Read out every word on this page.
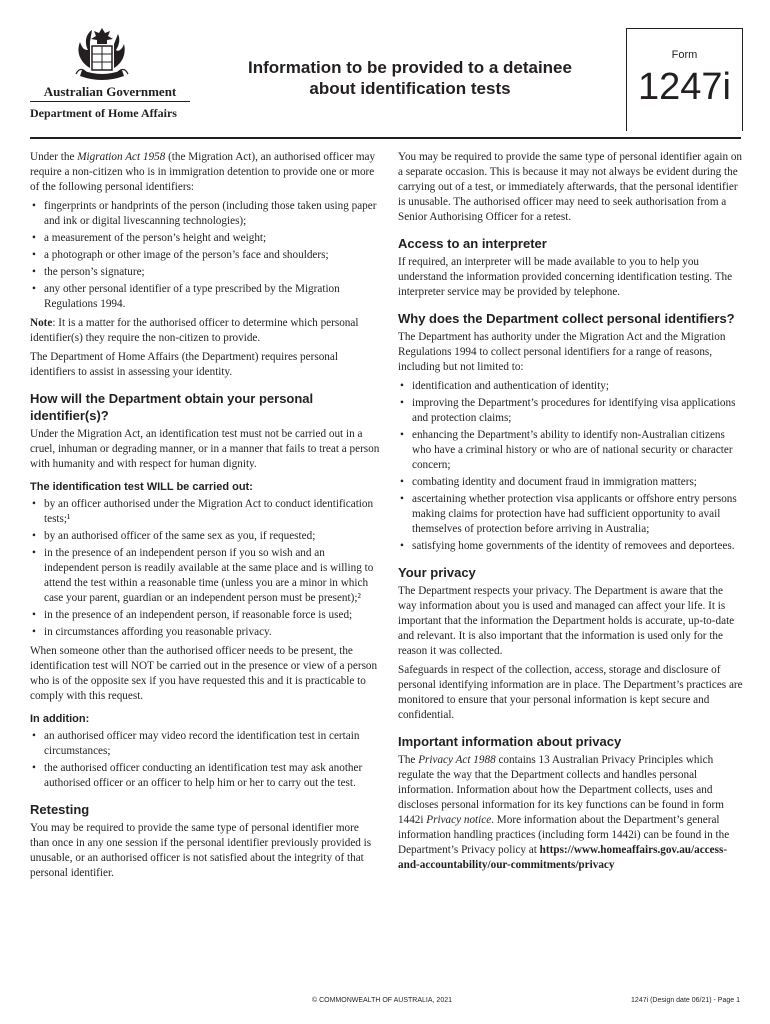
Australian Government
Department of Home Affairs
Information to be provided to a detainee
about identification tests
Form
1247i

Under the Migration Act 1958 (the Migration Act), an authorised officer may require a non-citizen who is in immigration detention to provide one or more of the following personal identifiers:

• fingerprints or handprints of the person (including those taken using paper and ink or digital livescanning technologies);
• a measurement of the person’s height and weight;
• a photograph or other image of the person’s face and shoulders;
• the person’s signature;
• any other personal identifier of a type prescribed by the Migration Regulations 1994.

Note: It is a matter for the authorised officer to determine which personal identifier(s) they require the non-citizen to provide.

The Department of Home Affairs (the Department) requires personal identifiers to assist in assessing your identity.

How will the Department obtain your personal identifier(s)?

Under the Migration Act, an identification test must not be carried out in a cruel, inhuman or degrading manner, or in a manner that fails to treat a person with humanity and with respect for human dignity.

The identification test WILL be carried out:
• by an officer authorised under the Migration Act to conduct identification tests;¹
• by an authorised officer of the same sex as you, if requested;
• in the presence of an independent person if you so wish and an independent person is readily available at the same place and is willing to attend the test within a reasonable time (unless you are a minor in which case your parent, guardian or an independent person must be present);²
• in the presence of an independent person, if reasonable force is used;
• in circumstances affording you reasonable privacy.

When someone other than the authorised officer needs to be present, the identification test will NOT be carried out in the presence or view of a person who is of the opposite sex if you have requested this and it is practicable to comply with this request.

In addition:
• an authorised officer may video record the identification test in certain circumstances;
• the authorised officer conducting an identification test may ask another authorised officer or an officer to help him or her to carry out the test.
Retesting

You may be required to provide the same type of personal identifier more than once in any one session if the personal identifier previously provided is unusable, or an authorised officer is not satisfied about the integrity of that personal identifier.

You may be required to provide the same type of personal identifier again on a separate occasion. This is because it may not always be evident during the carrying out of a test, or immediately afterwards, that the personal identifier is unusable. The authorised officer may need to seek authorisation from a Senior Authorising Officer for a retest.

Access to an interpreter

If required, an interpreter will be made available to you to help you understand the information provided concerning identification testing. The interpreter service may be provided by telephone.

Why does the Department collect personal identifiers?

The Department has authority under the Migration Act and the Migration Regulations 1994 to collect personal identifiers for a range of reasons, including but not limited to:

• identification and authentication of identity;
• improving the Department’s procedures for identifying visa applications and protection claims;
• enhancing the Department’s ability to identify non-Australian citizens who have a criminal history or who are of national security or character concern;
• combating identity and document fraud in immigration matters;
• ascertaining whether protection visa applicants or offshore entry persons making claims for protection have had sufficient opportunity to avail themselves of protection before arriving in Australia;
• satisfying home governments of the identity of removees and deportees.
Your privacy

The Department respects your privacy. The Department is aware that the way information about you is used and managed can affect your life. It is important that the information the Department holds is accurate, up-to-date and relevant. It is also important that the information is used only for the reason it was collected.

Safeguards in respect of the collection, access, storage and disclosure of personal identifying information are in place. The Department’s practices are monitored to ensure that your personal information is kept secure and confidential.

Important information about privacy

The Privacy Act 1988 contains 13 Australian Privacy Principles which regulate the way that the Department collects and handles personal information. Information about how the Department collects, uses and discloses personal information for its key functions can be found in form 1442i Privacy notice. More information about the Department’s general information handling practices (including form 1442i) can be found in the Department’s Privacy policy at https://www.homeaffairs.gov.au/access-and-accountability/our-commitments/privacy

© COMMONWEALTH OF AUSTRALIA, 2021	1247i (Design date 06/21) - Page 1
